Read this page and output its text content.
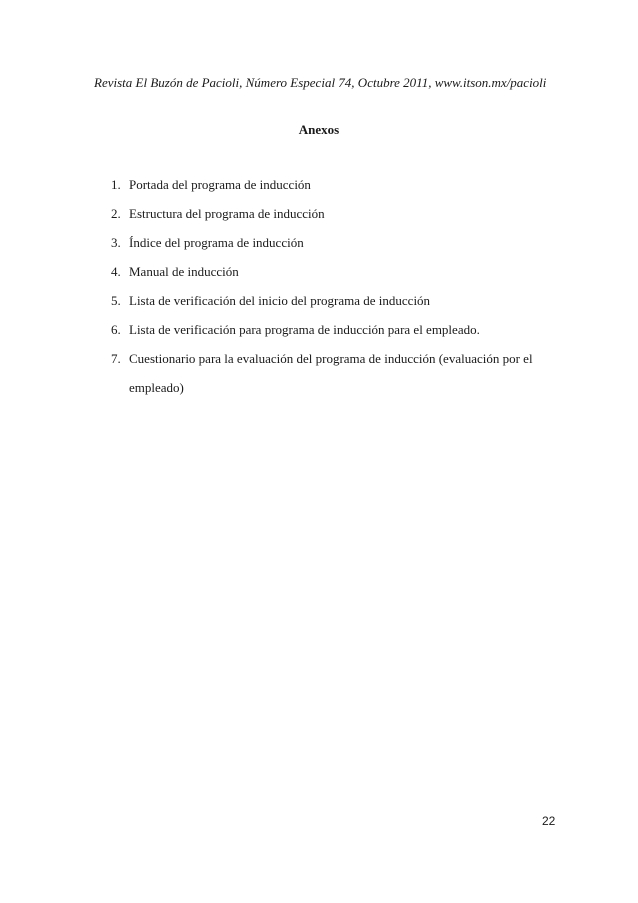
Revista El Buzón de Pacioli, Número Especial 74, Octubre 2011, www.itson.mx/pacioli
Anexos
1. Portada del programa de inducción
2. Estructura del programa de inducción
3. Índice del programa de inducción
4. Manual de inducción
5. Lista de verificación del inicio del programa de inducción
6. Lista de verificación para programa de inducción para el empleado.
7. Cuestionario para la evaluación del programa de inducción (evaluación por el empleado)
22
